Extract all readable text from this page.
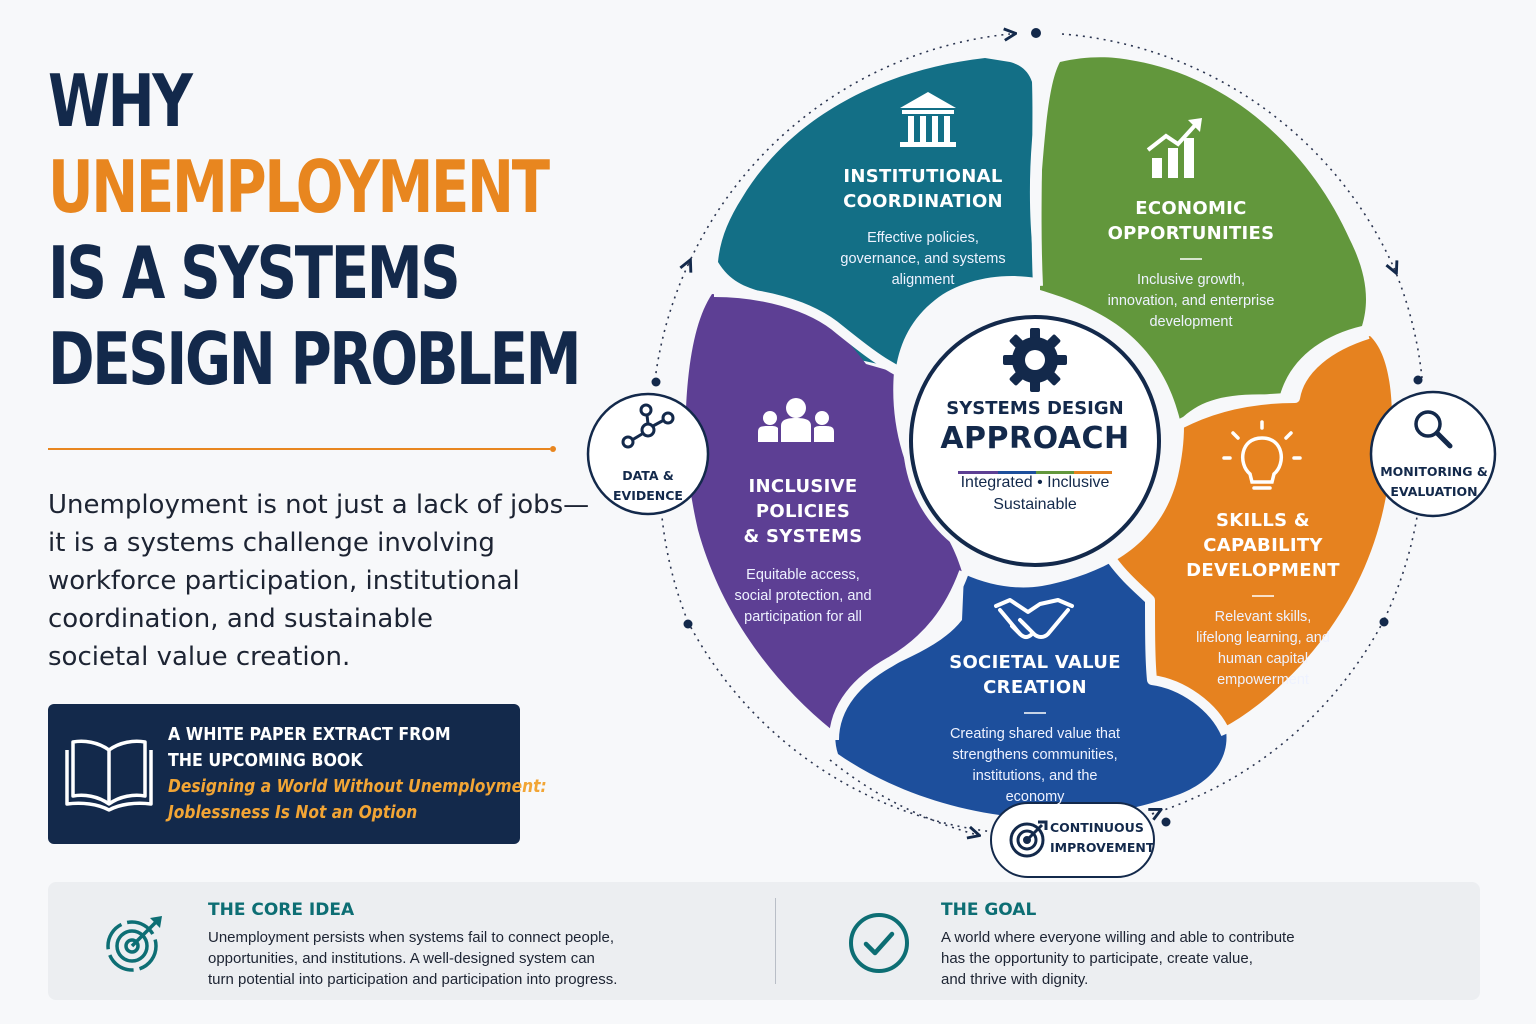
WHY
UNEMPLOYMENT
IS A SYSTEMS
DESIGN PROBLEM
Unemployment is not just a lack of jobs—
it is a systems challenge involving
workforce participation, institutional
coordination, and sustainable
societal value creation.
A WHITE PAPER EXTRACT FROM
THE UPCOMING BOOK
Designing a World Without Unemployment:
Joblessness Is Not an Option
INSTITUTIONAL
COORDINATION
Effective policies,
governance, and systems
alignment
ECONOMIC
OPPORTUNITIES
Inclusive growth,
innovation, and enterprise
development
SKILLS & CAPABILITY
DEVELOPMENT
Relevant skills,
lifelong learning, and
human capital
empowerment
SOCIETAL VALUE
CREATION
Creating shared value that
strengthens communities,
institutions, and the
economy
INCLUSIVE POLICIES
& SYSTEMS
Equitable access,
social protection, and
participation for all
SYSTEMS DESIGN
APPROACH
Integrated • Inclusive
Sustainable
DATA &
EVIDENCE
MONITORING &
EVALUATION
CONTINUOUS
IMPROVEMENT
THE CORE IDEA
Unemployment persists when systems fail to connect people,
opportunities, and institutions. A well-designed system can
turn potential into participation and participation into progress.
THE GOAL
A world where everyone willing and able to contribute
has the opportunity to participate, create value,
and thrive with dignity.
